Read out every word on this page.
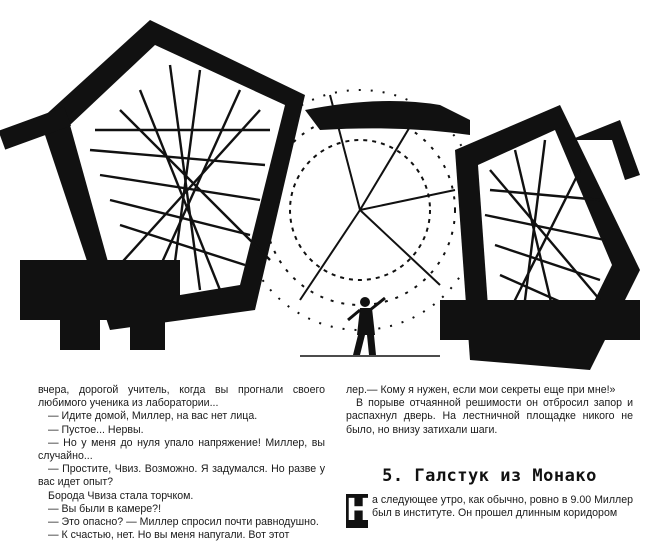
вчера, дорогой учитель, когда вы прогнали своего любимого ученика из лаборатории...

— Идите домой, Миллер, на вас нет лица.

— Пустое... Нервы.

— Но у меня до нуля упало напряжение! Миллер, вы случайно...

— Простите, Чвиз. Возможно. Я задумался. Но разве у вас идет опыт?

Борода Чвиза стала торчком.

— Вы были в камере?!

— Это опасно? — Миллер спросил почти равнодушно.

— К счастью, нет. Но вы меня напугали. Вот этот

лер.— Кому я нужен, если мои секреты еще при мне!»

В порыве отчаянной решимости он отбросил запор и распахнул дверь. На лестничной площадке никого не было, но внизу затихали шаги.

5. Галстук из Монако
Н а следующее утро, как обычно, ровно в 9.00 Миллер был в институте. Он прошел длинным коридором
